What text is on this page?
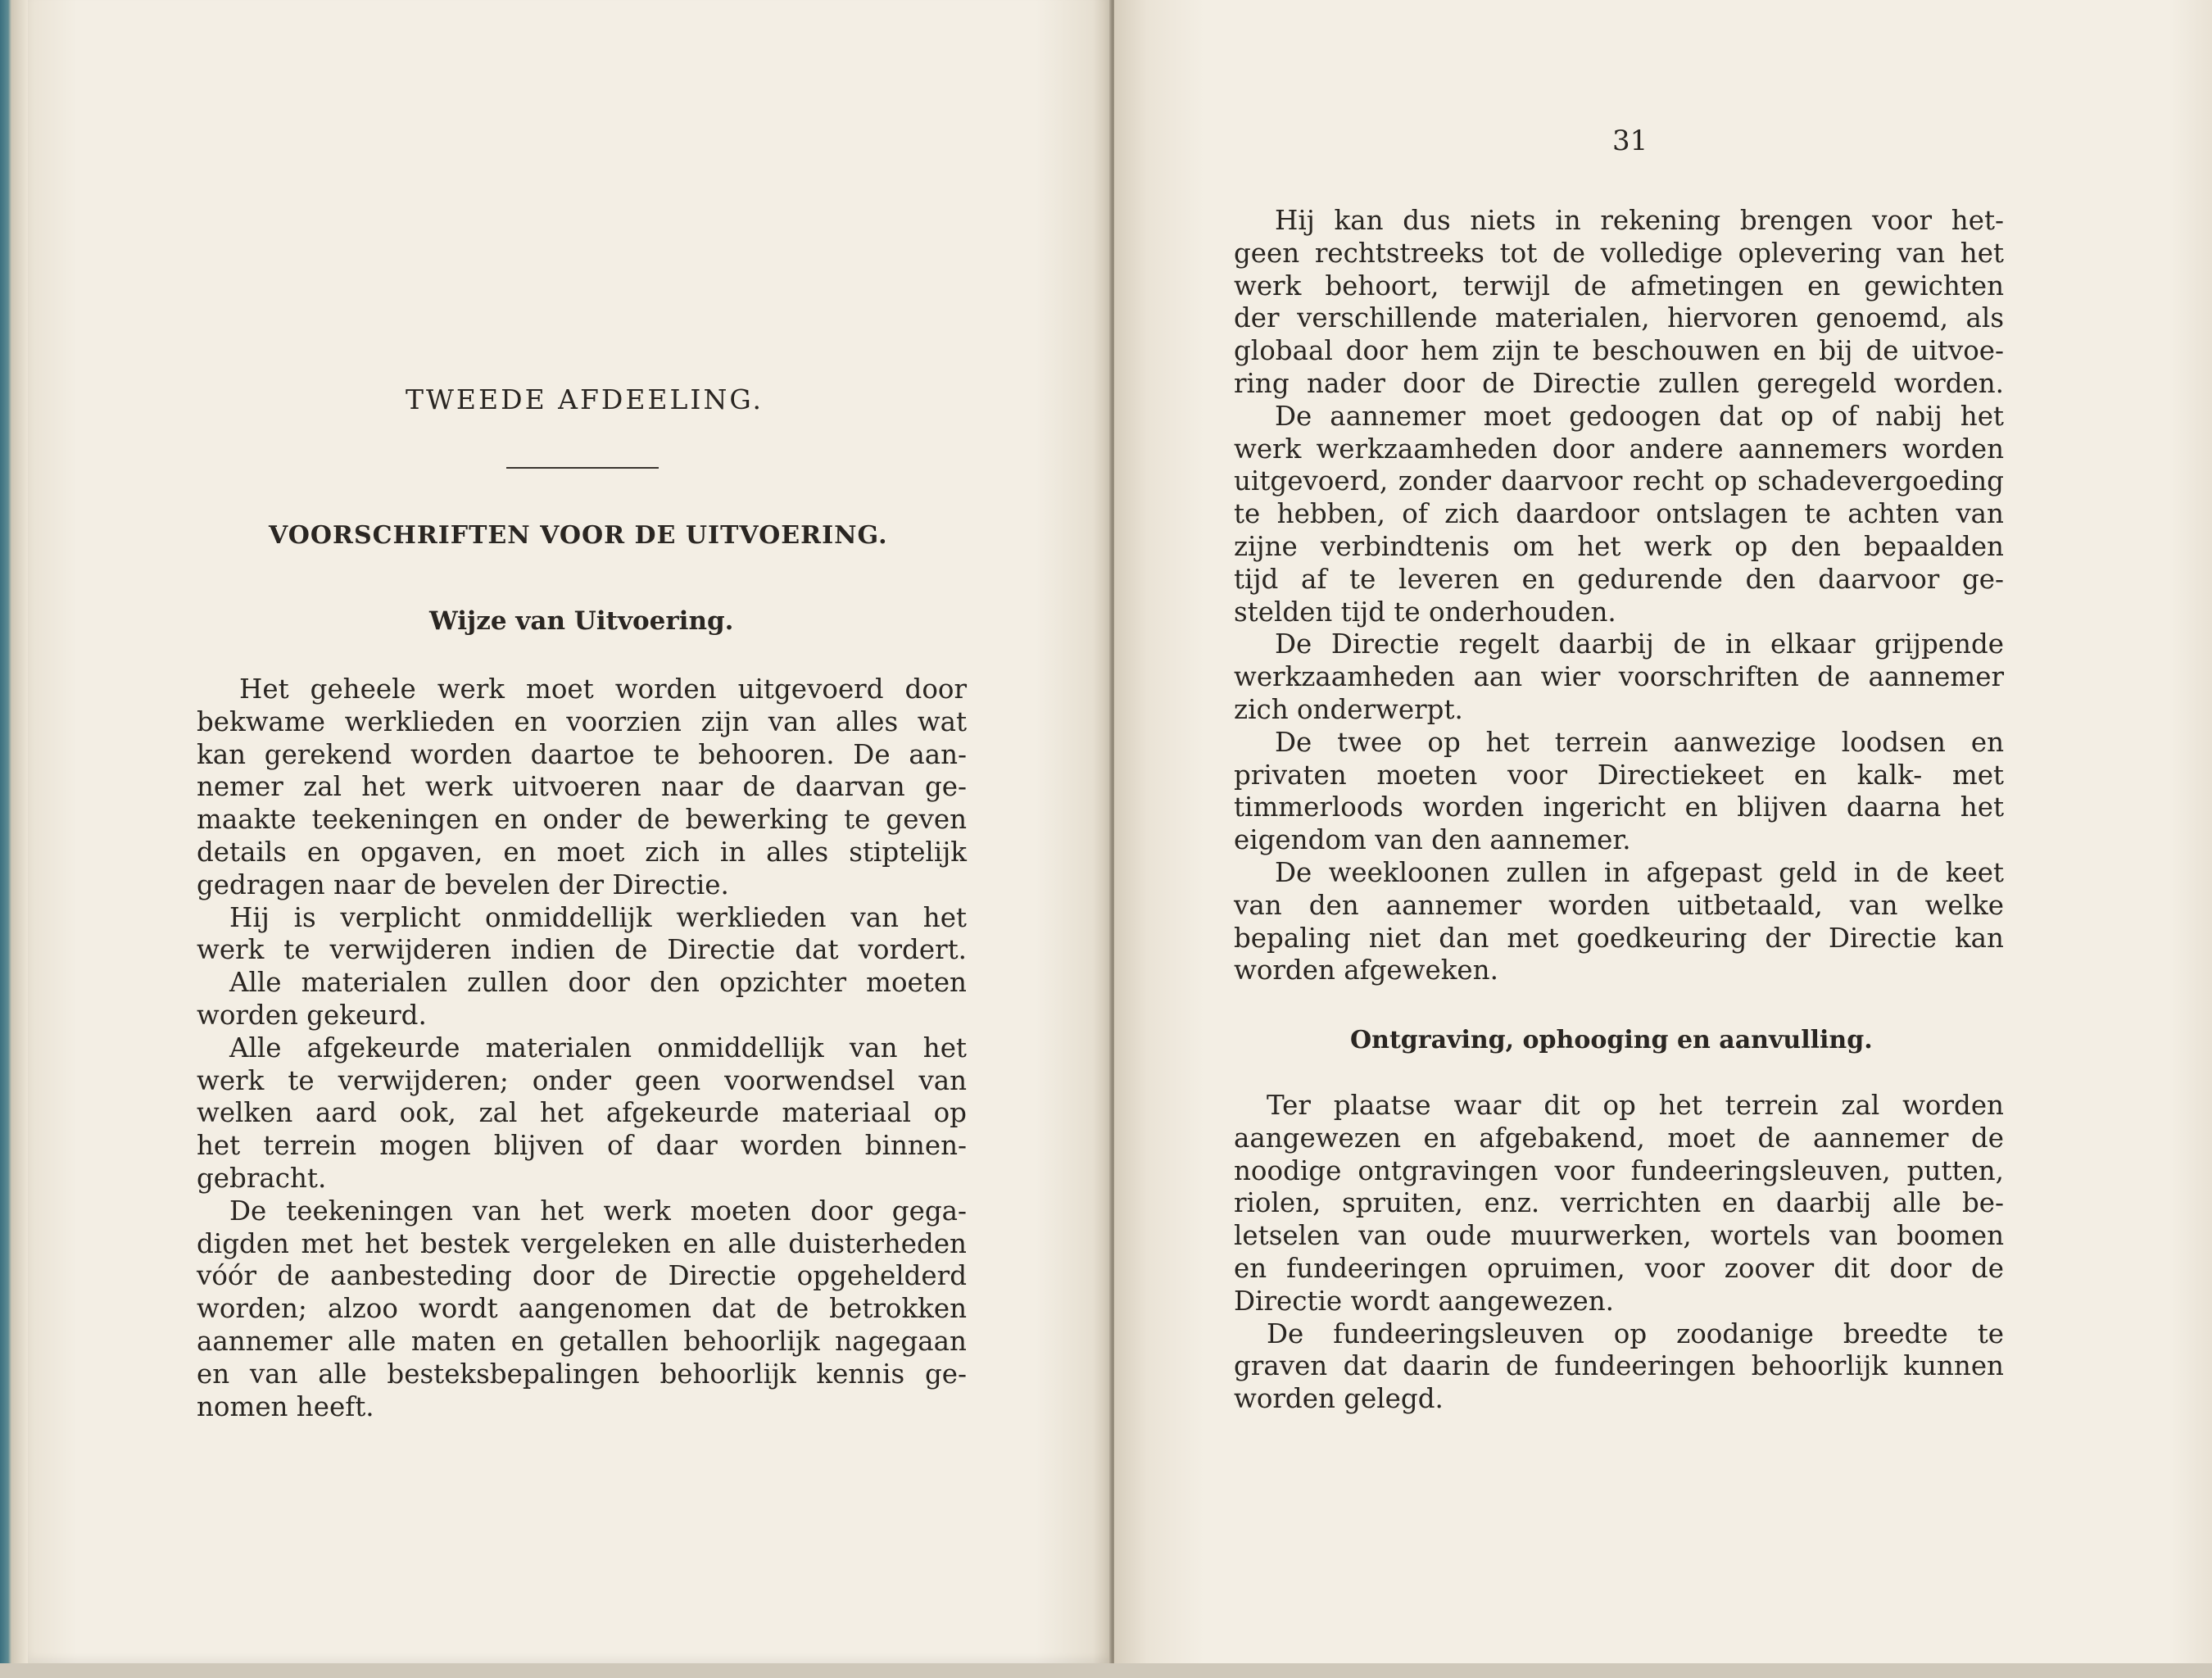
TWEEDE AFDEELING.
VOORSCHRIFTEN VOOR DE UITVOERING.
Wijze van Uitvoering.
Het geheele werk moet worden uitgevoerd door
bekwame werklieden en voorzien zijn van alles wat
kan gerekend worden daartoe te behooren. De aan-
nemer zal het werk uitvoeren naar de daarvan ge-
maakte teekeningen en onder de bewerking te geven
details en opgaven, en moet zich in alles stiptelijk
gedragen naar de bevelen der Directie.
Hij is verplicht onmiddellijk werklieden van het
werk te verwijderen indien de Directie dat vordert.
Alle materialen zullen door den opzichter moeten
worden gekeurd.
Alle afgekeurde materialen onmiddellijk van het
werk te verwijderen; onder geen voorwendsel van
welken aard ook, zal het afgekeurde materiaal op
het terrein mogen blijven of daar worden binnen-
gebracht.
De teekeningen van het werk moeten door gega-
digden met het bestek vergeleken en alle duisterheden
vóór de aanbesteding door de Directie opgehelderd
worden; alzoo wordt aangenomen dat de betrokken
aannemer alle maten en getallen behoorlijk nagegaan
en van alle besteksbepalingen behoorlijk kennis ge-
nomen heeft.
31
Hij kan dus niets in rekening brengen voor het-
geen rechtstreeks tot de volledige oplevering van het
werk behoort, terwijl de afmetingen en gewichten
der verschillende materialen, hiervoren genoemd, als
globaal door hem zijn te beschouwen en bij de uitvoe-
ring nader door de Directie zullen geregeld worden.
De aannemer moet gedoogen dat op of nabij het
werk werkzaamheden door andere aannemers worden
uitgevoerd, zonder daarvoor recht op schadevergoeding
te hebben, of zich daardoor ontslagen te achten van
zijne verbindtenis om het werk op den bepaalden
tijd af te leveren en gedurende den daarvoor ge-
stelden tijd te onderhouden.
De Directie regelt daarbij de in elkaar grijpende
werkzaamheden aan wier voorschriften de aannemer
zich onderwerpt.
De twee op het terrein aanwezige loodsen en
privaten moeten voor Directiekeet en kalk- met
timmerloods worden ingericht en blijven daarna het
eigendom van den aannemer.
De weekloonen zullen in afgepast geld in de keet
van den aannemer worden uitbetaald, van welke
bepaling niet dan met goedkeuring der Directie kan
worden afgeweken.
Ontgraving, ophooging en aanvulling.
Ter plaatse waar dit op het terrein zal worden
aangewezen en afgebakend, moet de aannemer de
noodige ontgravingen voor fundeeringsleuven, putten,
riolen, spruiten, enz. verrichten en daarbij alle be-
letselen van oude muurwerken, wortels van boomen
en fundeeringen opruimen, voor zoover dit door de
Directie wordt aangewezen.
De fundeeringsleuven op zoodanige breedte te
graven dat daarin de fundeeringen behoorlijk kunnen
worden gelegd.
